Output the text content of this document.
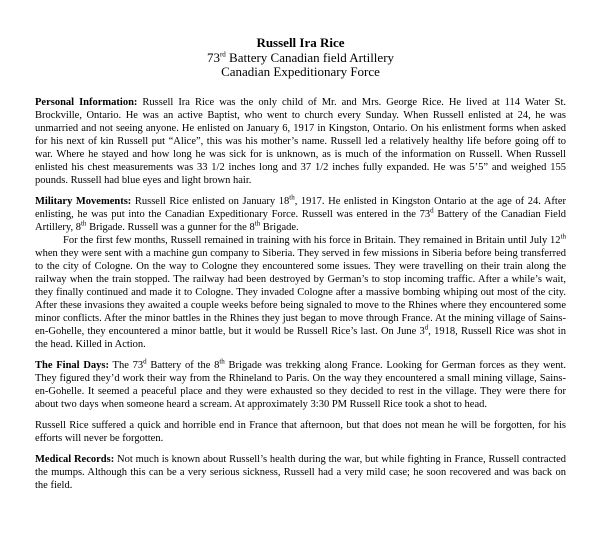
Russell Ira Rice
73rd Battery Canadian field Artillery
Canadian Expeditionary Force
Personal Information: Russell Ira Rice was the only child of Mr. and Mrs. George Rice. He lived at 114 Water St. Brockville, Ontario. He was an active Baptist, who went to church every Sunday. When Russell enlisted at 24, he was unmarried and not seeing anyone. He enlisted on January 6, 1917 in Kingston, Ontario. On his enlistment forms when asked for his next of kin Russell put “Alice”, this was his mother’s name. Russell led a relatively healthy life before going off to war. Where he stayed and how long he was sick for is unknown, as is much of the information on Russell. When Russell enlisted his chest measurements was 33 1/2 inches long and 37 1/2 inches fully expanded. He was 5’5” and weighed 155 pounds. Russell had blue eyes and light brown hair.
Military Movements: Russell Rice enlisted on January 18th, 1917. He enlisted in Kingston Ontario at the age of 24. After enlisting, he was put into the Canadian Expeditionary Force. Russell was entered in the 73$^d$ Battery of the Canadian Field Artillery, 8th Brigade. Russell was a gunner for the 8th Brigade.
For the first few months, Russell remained in training with his force in Britain. They remained in Britain until July 12th when they were sent with a machine gun company to Siberia. They served in few missions in Siberia before being transferred to the city of Cologne. On the way to Cologne they encountered some issues. They were travelling on their train along the railway when the train stopped. The railway had been destroyed by German’s to stop incoming traffic. After a while’s wait, they finally continued and made it to Cologne. They invaded Cologne after a massive bombing whiping out most of the city. After these invasions they awaited a couple weeks before being signaled to move to the Rhines where they encountered some minor conflicts. After the minor battles in the Rhines they just began to move through France. At the mining village of Sains-en-Gohelle, they encountered a minor battle, but it would be Russell Rice’s last. On June 3$^d$, 1918, Russell Rice was shot in the head. Killed in Action.
The Final Days: The 73$^d$ Battery of the 8th Brigade was trekking along France. Looking for German forces as they went. They figured they’d work their way from the Rhineland to Paris. On the way they encountered a small mining village, Sains-en-Gohelle. It seemed a peaceful place and they were exhausted so they decided to rest in the village. They were there for about two days when someone heard a scream. At approximately 3:30 PM Russell Rice took a shot to head.
Russell Rice suffered a quick and horrible end in France that afternoon, but that does not mean he will be forgotten, for his efforts will never be forgotten.
Medical Records: Not much is known about Russell’s health during the war, but while fighting in France, Russell contracted the mumps. Although this can be a very serious sickness, Russell had a very mild case; he soon recovered and was back on the field.
